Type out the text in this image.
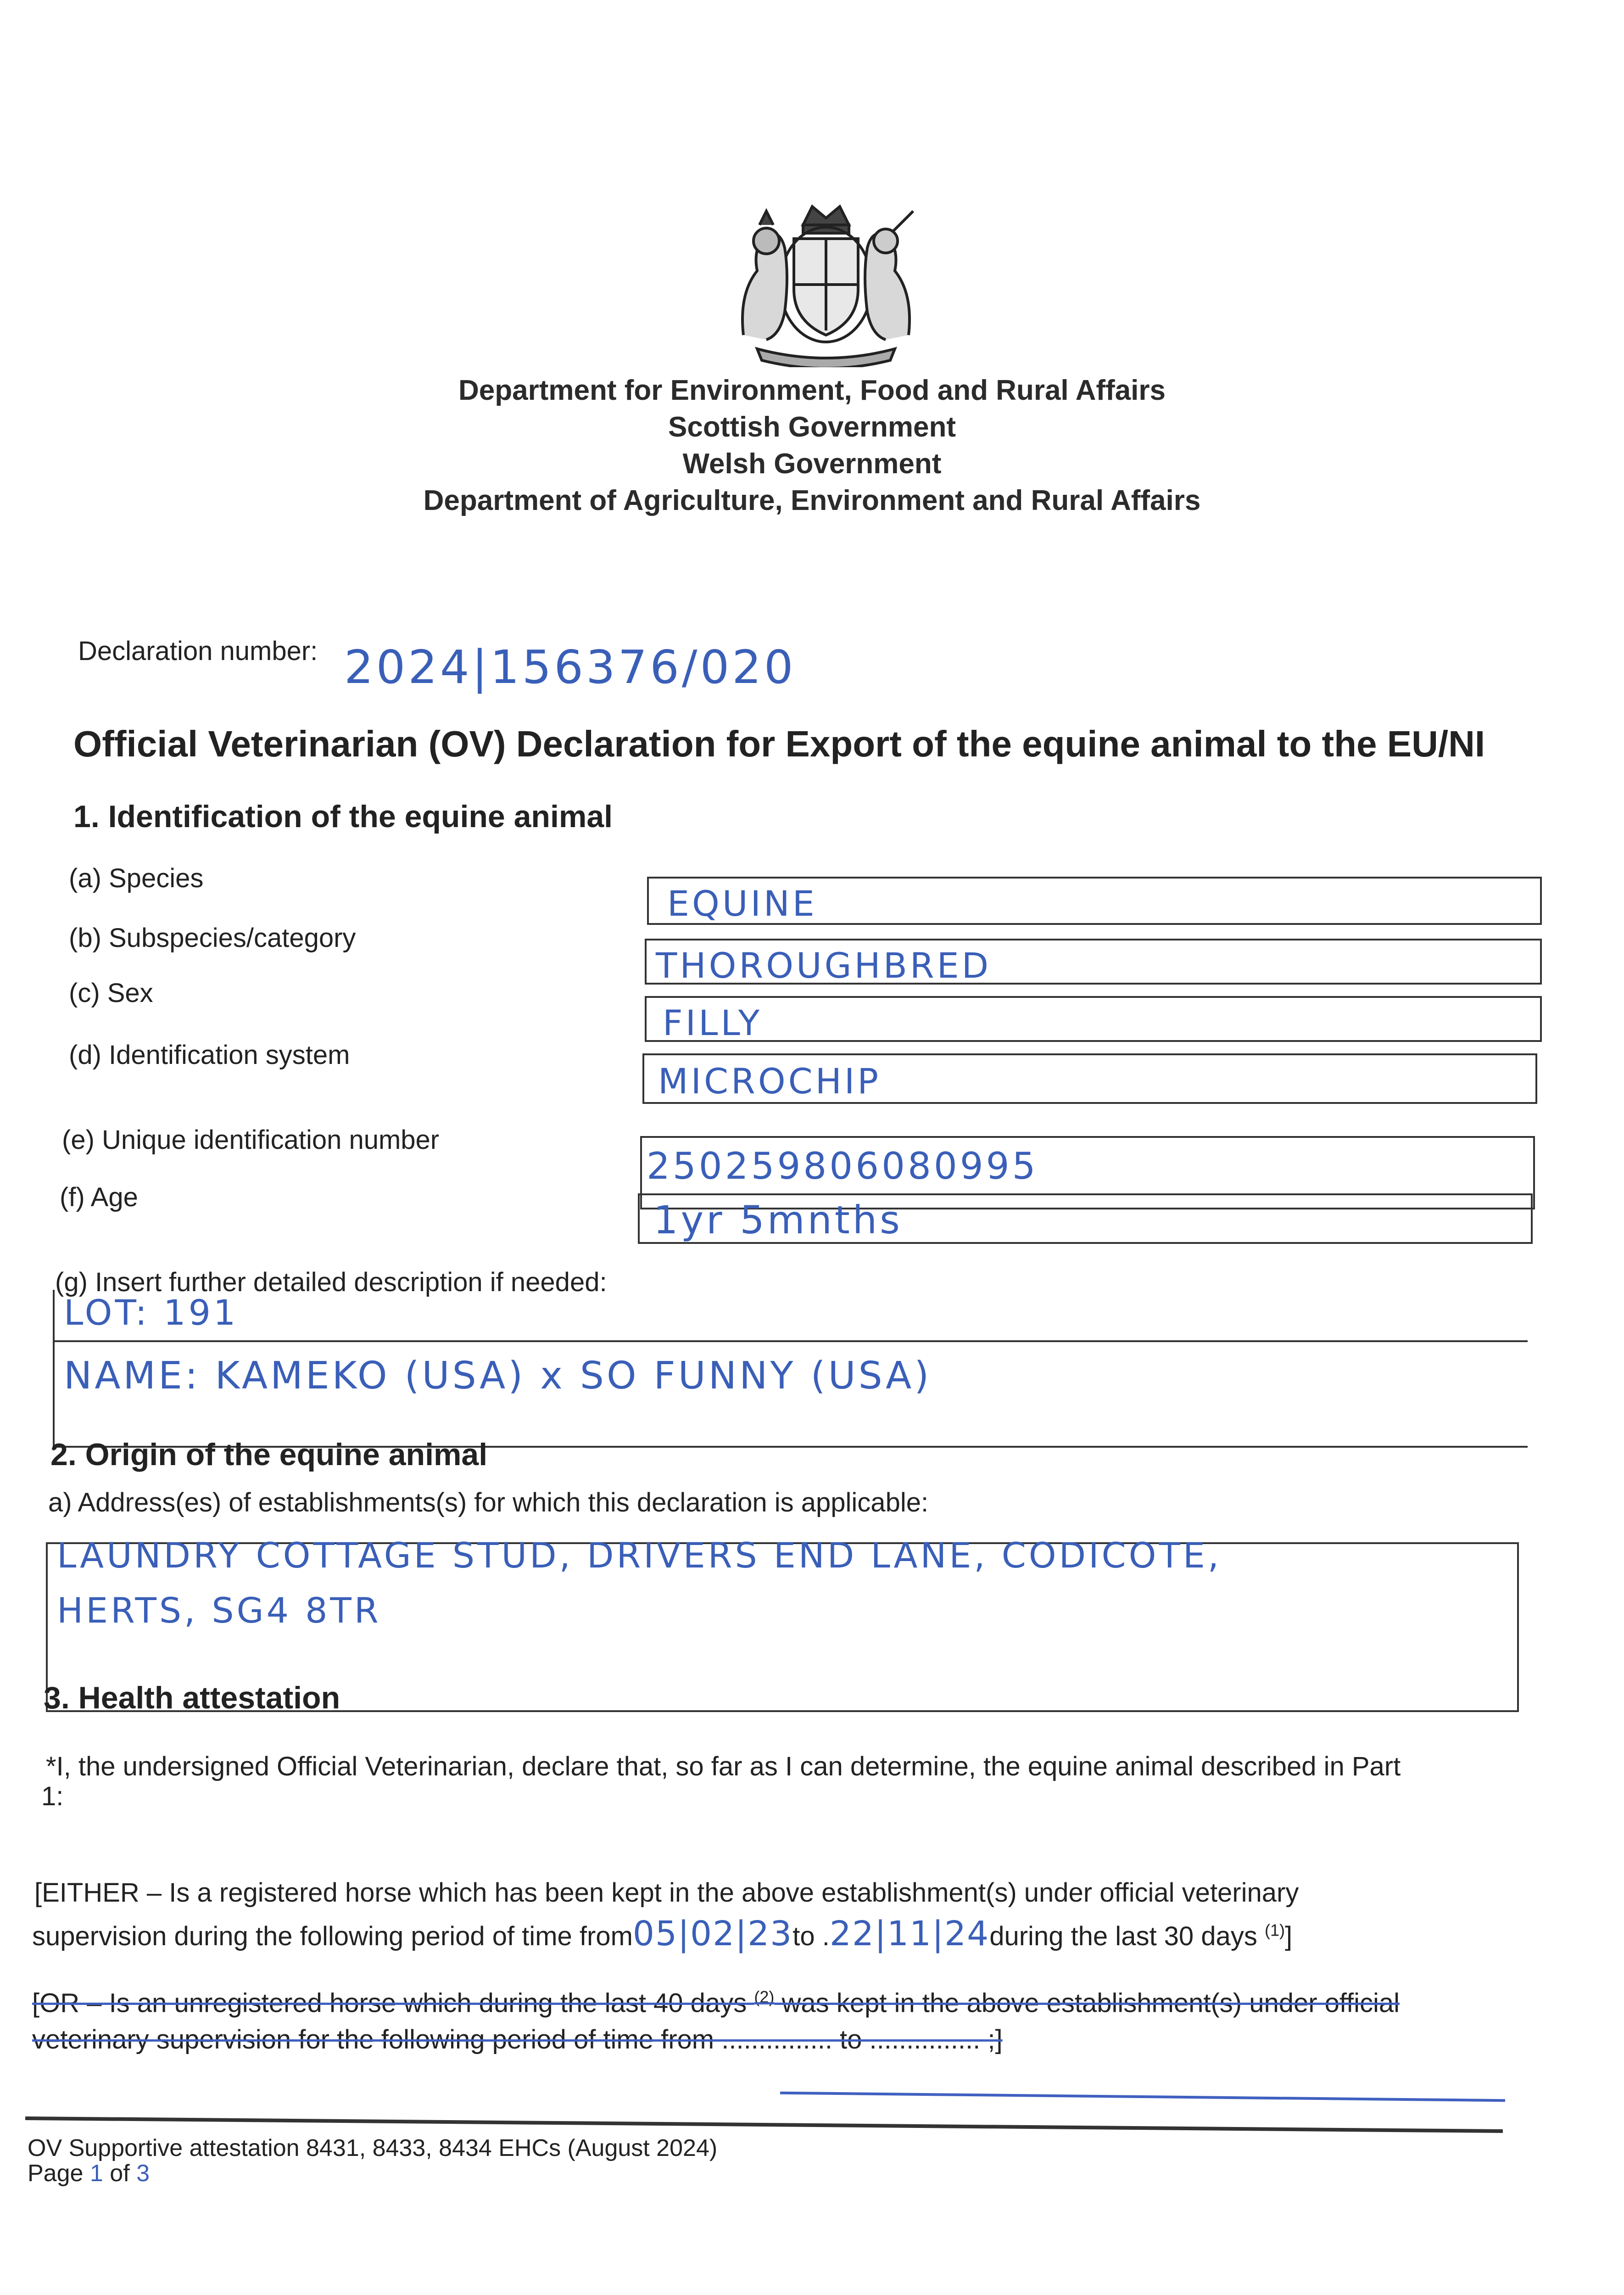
Department for Environment, Food and Rural Affairs
Scottish Government
Welsh Government
Department of Agriculture, Environment and Rural Affairs
Declaration number: 2024|156376/020
Official Veterinarian (OV) Declaration for Export of the equine animal to the EU/NI
1. Identification of the equine animal
(a) Species
EQUINE
(b) Subspecies/category
THOROUGHBRED
(c) Sex
FILLY
(d) Identification system
MICROCHIP
(e) Unique identification number
250259806080995
(f) Age
1yr 5mnths
(g) Insert further detailed description if needed:
LOT: 191
NAME: KAMEKO (USA) x SO FUNNY (USA)
2. Origin of the equine animal
a) Address(es) of establishments(s) for which this declaration is applicable:
LAUNDRY COTTAGE STUD, DRIVERS END LANE, CODICOTE,
HERTS, SG4 8TR
3. Health attestation
*I, the undersigned Official Veterinarian, declare that, so far as I can determine, the equine animal described in Part
1:
[EITHER – Is a registered horse which has been kept in the above establishment(s) under official veterinary
supervision during the following period of time from05|02|23to .22|11|24during the last 30 days $^{(1)}$]
[OR – Is an unregistered horse which during the last 40 days $^{(2)}$ was kept in the above establishment(s) under official
veterinary supervision for the following period of time from ............... to ............... ;]
OV Supportive attestation 8431, 8433, 8434 EHCs (August 2024)
Page 1 of 3
